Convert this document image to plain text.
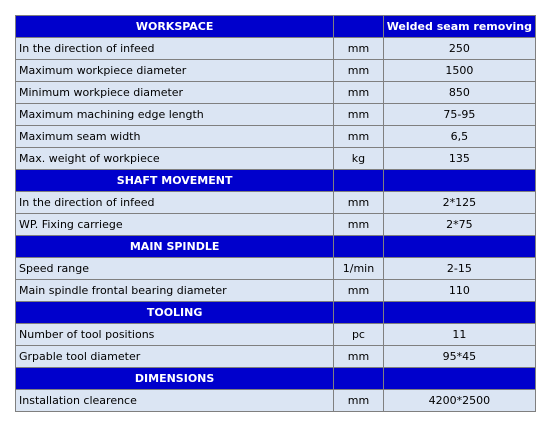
WORKSPACE		Welded seam removing
In the direction of infeed	mm	250
Maximum workpiece diameter	mm	1500
Minimum workpiece diameter	mm	850
Maximum machining edge length	mm	75-95
Maximum seam width	mm	6,5
Max. weight of workpiece	kg	135
SHAFT MOVEMENT		
In the direction of infeed	mm	2*125
WP. Fixing carriege	mm	2*75
MAIN SPINDLE		
Speed range	1/min	2-15
Main spindle frontal bearing diameter	mm	110
TOOLING		
Number of tool positions	pc	11
Grpable tool diameter	mm	95*45
DIMENSIONS		
Installation clearence	mm	4200*2500
